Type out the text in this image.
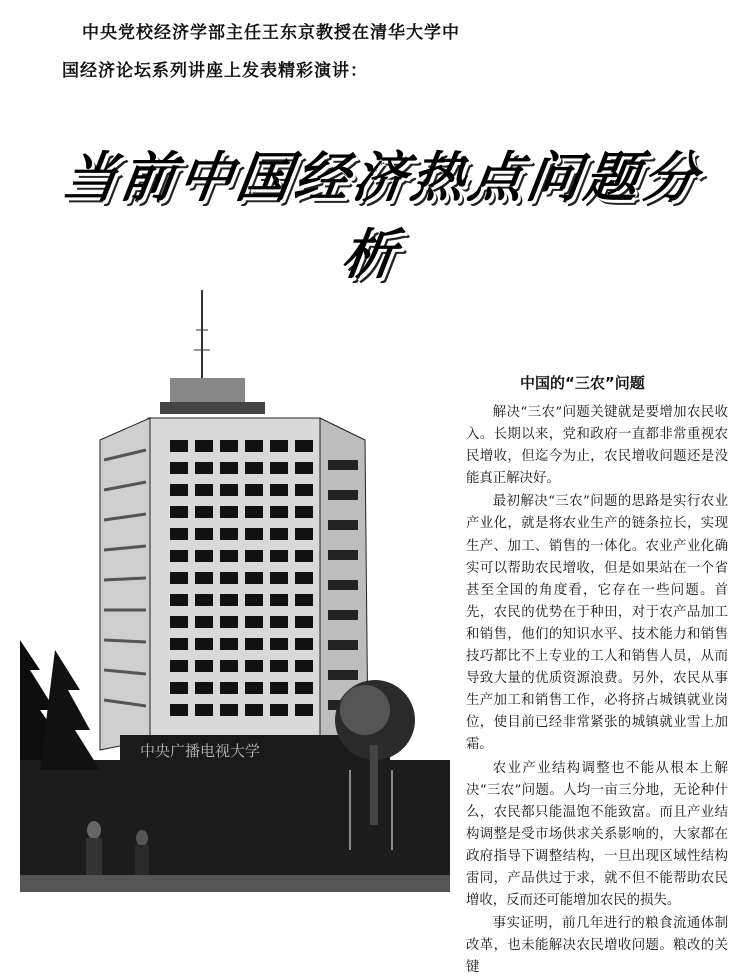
中央党校经济学部主任王东京教授在清华大学中
国经济论坛系列讲座上发表精彩演讲：
当前中国经济热点问题分析
中央广播电视大学
中国的“三农”问题

解决“三农”问题关键就是要增加农民收入。长期以来，党和政府一直都非常重视农民增收，但迄今为止，农民增收问题还是没能真正解决好。

最初解决“三农”问题的思路是实行农业产业化，就是将农业生产的链条拉长，实现生产、加工、销售的一体化。农业产业化确实可以帮助农民增收，但是如果站在一个省甚至全国的角度看，它存在一些问题。首先，农民的优势在于种田，对于农产品加工和销售，他们的知识水平、技术能力和销售技巧都比不上专业的工人和销售人员，从而导致大量的优质资源浪费。另外，农民从事生产加工和销售工作，必将挤占城镇就业岗位，使目前已经非常紧张的城镇就业雪上加霜。

农业产业结构调整也不能从根本上解决“三农”问题。人均一亩三分地，无论种什么，农民都只能温饱不能致富。而且产业结构调整是受市场供求关系影响的，大家都在政府指导下调整结构，一旦出现区域性结构雷同，产品供过于求，就不但不能帮助农民增收，反而还可能增加农民的损失。

事实证明，前几年进行的粮食流通体制改革，也未能解决农民增收问题。粮改的关键
